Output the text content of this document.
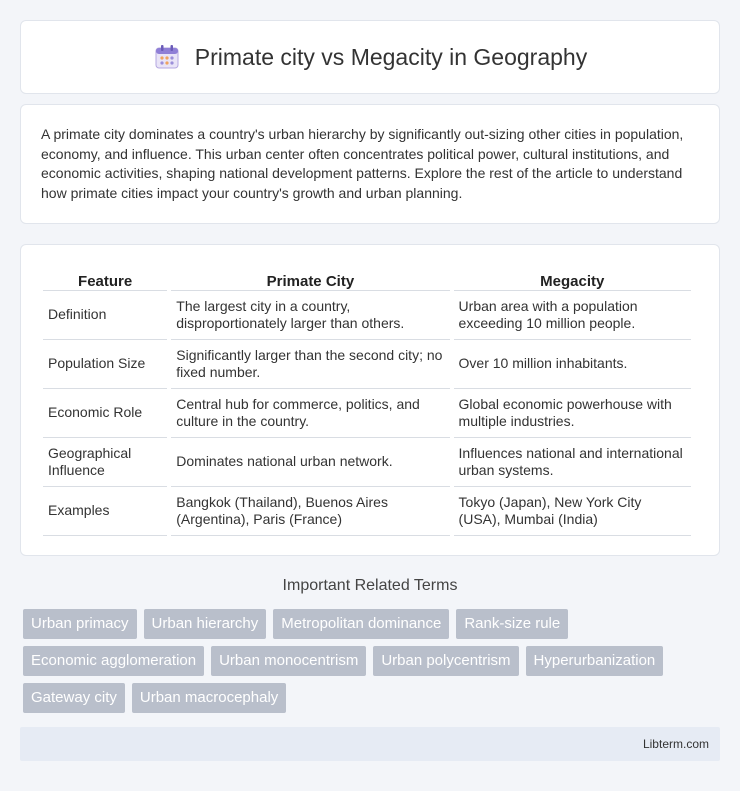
Primate city vs Megacity in Geography

A primate city dominates a country's urban hierarchy by significantly out-sizing other cities in population, economy, and influence. This urban center often concentrates political power, cultural institutions, and economic activities, shaping national development patterns. Explore the rest of the article to understand how primate cities impact your country's growth and urban planning.

Feature	Primate City	Megacity
Definition	The largest city in a country, disproportionately larger than others.	Urban area with a population exceeding 10 million people.
Population Size	Significantly larger than the second city; no fixed number.	Over 10 million inhabitants.
Economic Role	Central hub for commerce, politics, and culture in the country.	Global economic powerhouse with multiple industries.
Geographical Influence	Dominates national urban network.	Influences national and international urban systems.
Examples	Bangkok (Thailand), Buenos Aires (Argentina), Paris (France)	Tokyo (Japan), New York City (USA), Mumbai (India)
Important Related Terms
Urban primacy	Urban hierarchy	Metropolitan dominance	Rank-size rule
Economic agglomeration	Urban monocentrism	Urban polycentrism	Hyperurbanization
Gateway city	Urban macrocephaly
Libterm.com
